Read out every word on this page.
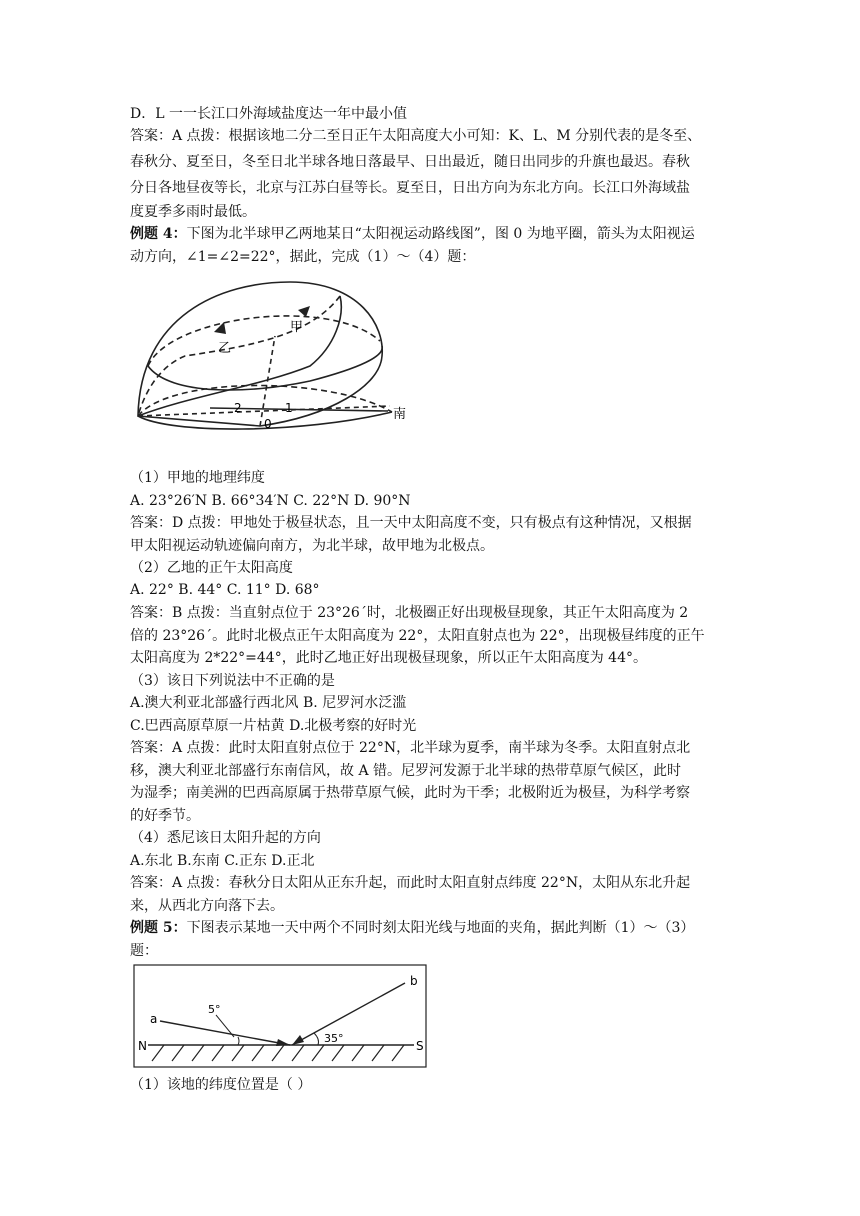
D．L 一一长江口外海域盐度达一年中最小值
答案：A 点拨：根据该地二分二至日正午太阳高度大小可知：K、L、M 分别代表的是冬至、
春秋分、夏至日，冬至日北半球各地日落最早、日出最近，随日出同步的升旗也最迟。春秋
分日各地昼夜等长，北京与江苏白昼等长。夏至日，日出方向为东北方向。长江口外海域盐
度夏季多雨时最低。
例题 4：下图为北半球甲乙两地某日“太阳视运动路线图”，图 0 为地平圈，箭头为太阳视运
动方向，∠1=∠2=22°，据此，完成（1）～（4）题：
甲
乙
南
1
2
0
（1）甲地的地理纬度
A. 23°26′N B. 66°34′N C. 22°N D. 90°N
答案：D 点拨：甲地处于极昼状态，且一天中太阳高度不变，只有极点有这种情况，又根据
甲太阳视运动轨迹偏向南方，为北半球，故甲地为北极点。
（2）乙地的正午太阳高度
A. 22° B. 44° C. 11° D. 68°
答案：B 点拨：当直射点位于 23°26´时，北极圈正好出现极昼现象，其正午太阳高度为 2
倍的 23°26´。此时北极点正午太阳高度为 22°，太阳直射点也为 22°，出现极昼纬度的正午
太阳高度为 2*22°=44°，此时乙地正好出现极昼现象，所以正午太阳高度为 44°。
（3）该日下列说法中不正确的是
A.澳大利亚北部盛行西北风 B. 尼罗河水泛滥
C.巴西高原草原一片枯黄 D.北极考察的好时光
答案：A 点拨：此时太阳直射点位于 22°N，北半球为夏季，南半球为冬季。太阳直射点北
移，澳大利亚北部盛行东南信风，故 A 错。尼罗河发源于北半球的热带草原气候区，此时
为湿季；南美洲的巴西高原属于热带草原气候，此时为干季；北极附近为极昼，为科学考察
的好季节。
（4）悉尼该日太阳升起的方向
A.东北 B.东南 C.正东 D.正北
答案：A 点拨：春秋分日太阳从正东升起，而此时太阳直射点纬度 22°N，太阳从东北升起
来，从西北方向落下去。
例题 5：下图表示某地一天中两个不同时刻太阳光线与地面的夹角，据此判断（1）～（3）
题：
a
b
N	S
5°
35°
（1）该地的纬度位置是（ ）
